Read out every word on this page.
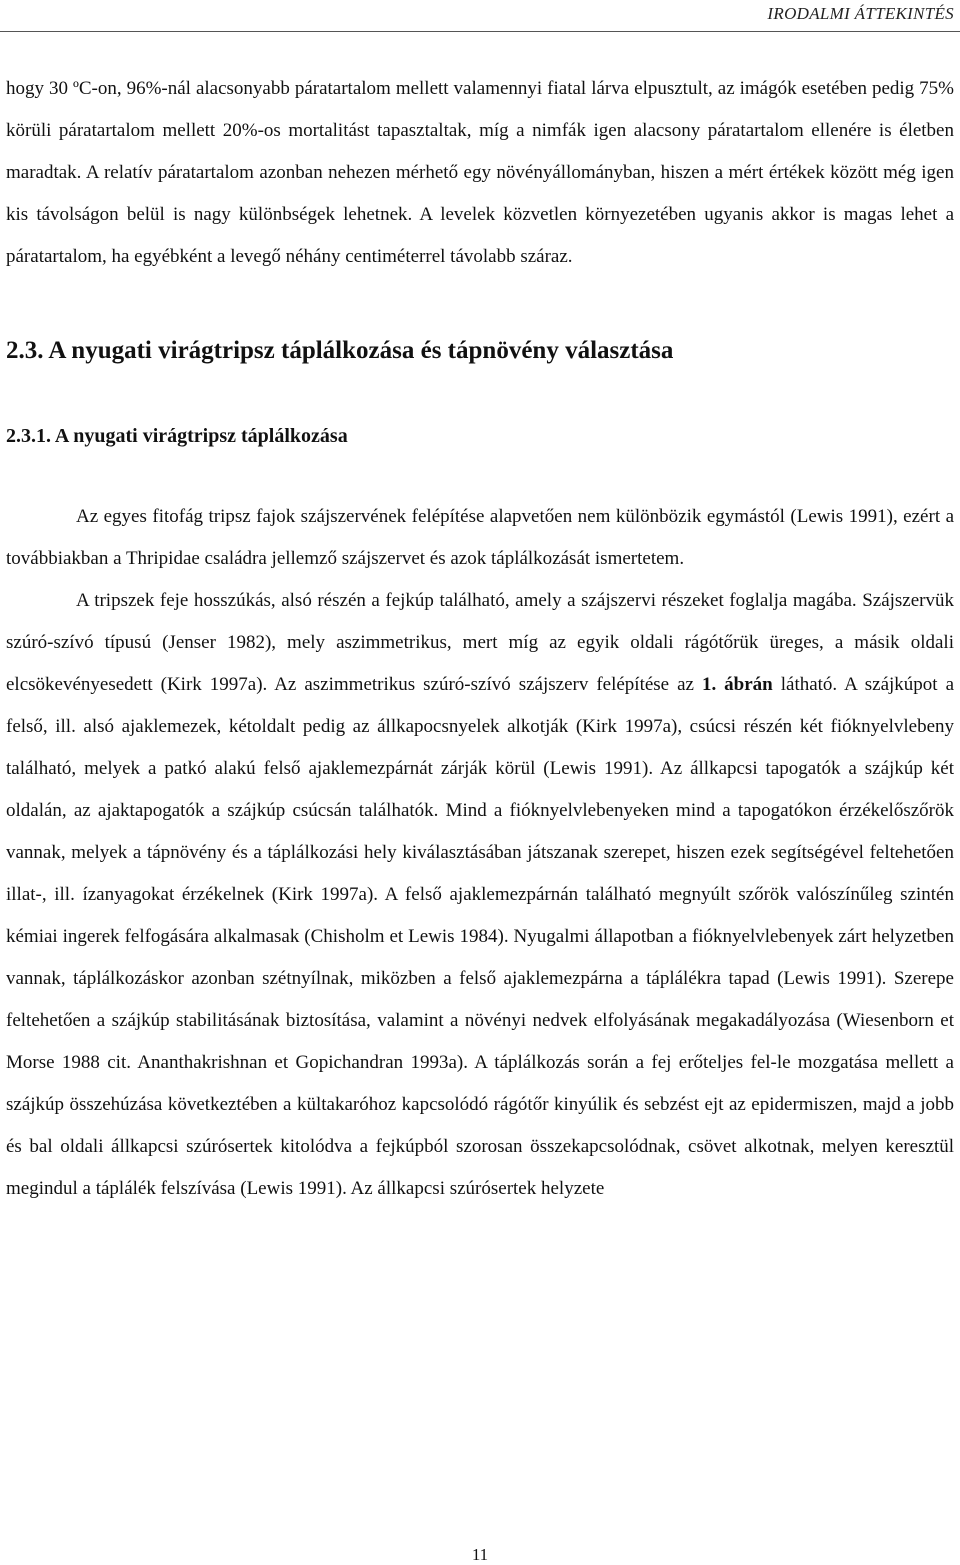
IRODALMI ÁTTEKINTÉS

hogy 30 ºC-on, 96%-nál alacsonyabb páratartalom mellett valamennyi fiatal lárva elpusztult, az imágók esetében pedig 75% körüli páratartalom mellett 20%-os mortalitást tapasztaltak, míg a nimfák igen alacsony páratartalom ellenére is életben maradtak. A relatív páratartalom azonban nehezen mérhető egy növényállományban, hiszen a mért értékek között még igen kis távolságon belül is nagy különbségek lehetnek. A levelek közvetlen környezetében ugyanis akkor is magas lehet a páratartalom, ha egyébként a levegő néhány centiméterrel távolabb száraz.

2.3. A nyugati virágtripsz táplálkozása és tápnövény választása
2.3.1. A nyugati virágtripsz táplálkozása

Az egyes fitofág tripsz fajok szájszervének felépítése alapvetően nem különbözik egymástól (Lewis 1991), ezért a továbbiakban a Thripidae családra jellemző szájszervet és azok táplálkozását ismertetem.

A tripszek feje hosszúkás, alsó részén a fejkúp található, amely a szájszervi részeket foglalja magába. Szájszervük szúró-szívó típusú (Jenser 1982), mely aszimmetrikus, mert míg az egyik oldali rágótőrük üreges, a másik oldali elcsökevényesedett (Kirk 1997a). Az aszimmetrikus szúró-szívó szájszerv felépítése az 1. ábrán látható. A szájkúpot a felső, ill. alsó ajaklemezek, kétoldalt pedig az állkapocsnyelek alkotják (Kirk 1997a), csúcsi részén két fióknyelvlebeny található, melyek a patkó alakú felső ajaklemezpárnát zárják körül (Lewis 1991). Az állkapcsi tapogatók a szájkúp két oldalán, az ajaktapogatók a szájkúp csúcsán találhatók. Mind a fióknyelvlebenyeken mind a tapogatókon érzékelőszőrök vannak, melyek a tápnövény és a táplálkozási hely kiválasztásában játszanak szerepet, hiszen ezek segítségével feltehetően illat-, ill. ízanyagokat érzékelnek (Kirk 1997a). A felső ajaklemezpárnán található megnyúlt szőrök valószínűleg szintén kémiai ingerek felfogására alkalmasak (Chisholm et Lewis 1984). Nyugalmi állapotban a fióknyelvlebenyek zárt helyzetben vannak, táplálkozáskor azonban szétnyílnak, miközben a felső ajaklemezpárna a táplálékra tapad (Lewis 1991). Szerepe feltehetően a szájkúp stabilitásának biztosítása, valamint a növényi nedvek elfolyásának megakadályozása (Wiesenborn et Morse 1988 cit. Ananthakrishnan et Gopichandran 1993a). A táplálkozás során a fej erőteljes fel-le mozgatása mellett a szájkúp összehúzása következtében a kültakaróhoz kapcsolódó rágótőr kinyúlik és sebzést ejt az epidermiszen, majd a jobb és bal oldali állkapcsi szúrósertek kitolódva a fejkúpból szorosan összekapcsolódnak, csövet alkotnak, melyen keresztül megindul a táplálék felszívása (Lewis 1991). Az állkapcsi szúrósertek helyzete

11
